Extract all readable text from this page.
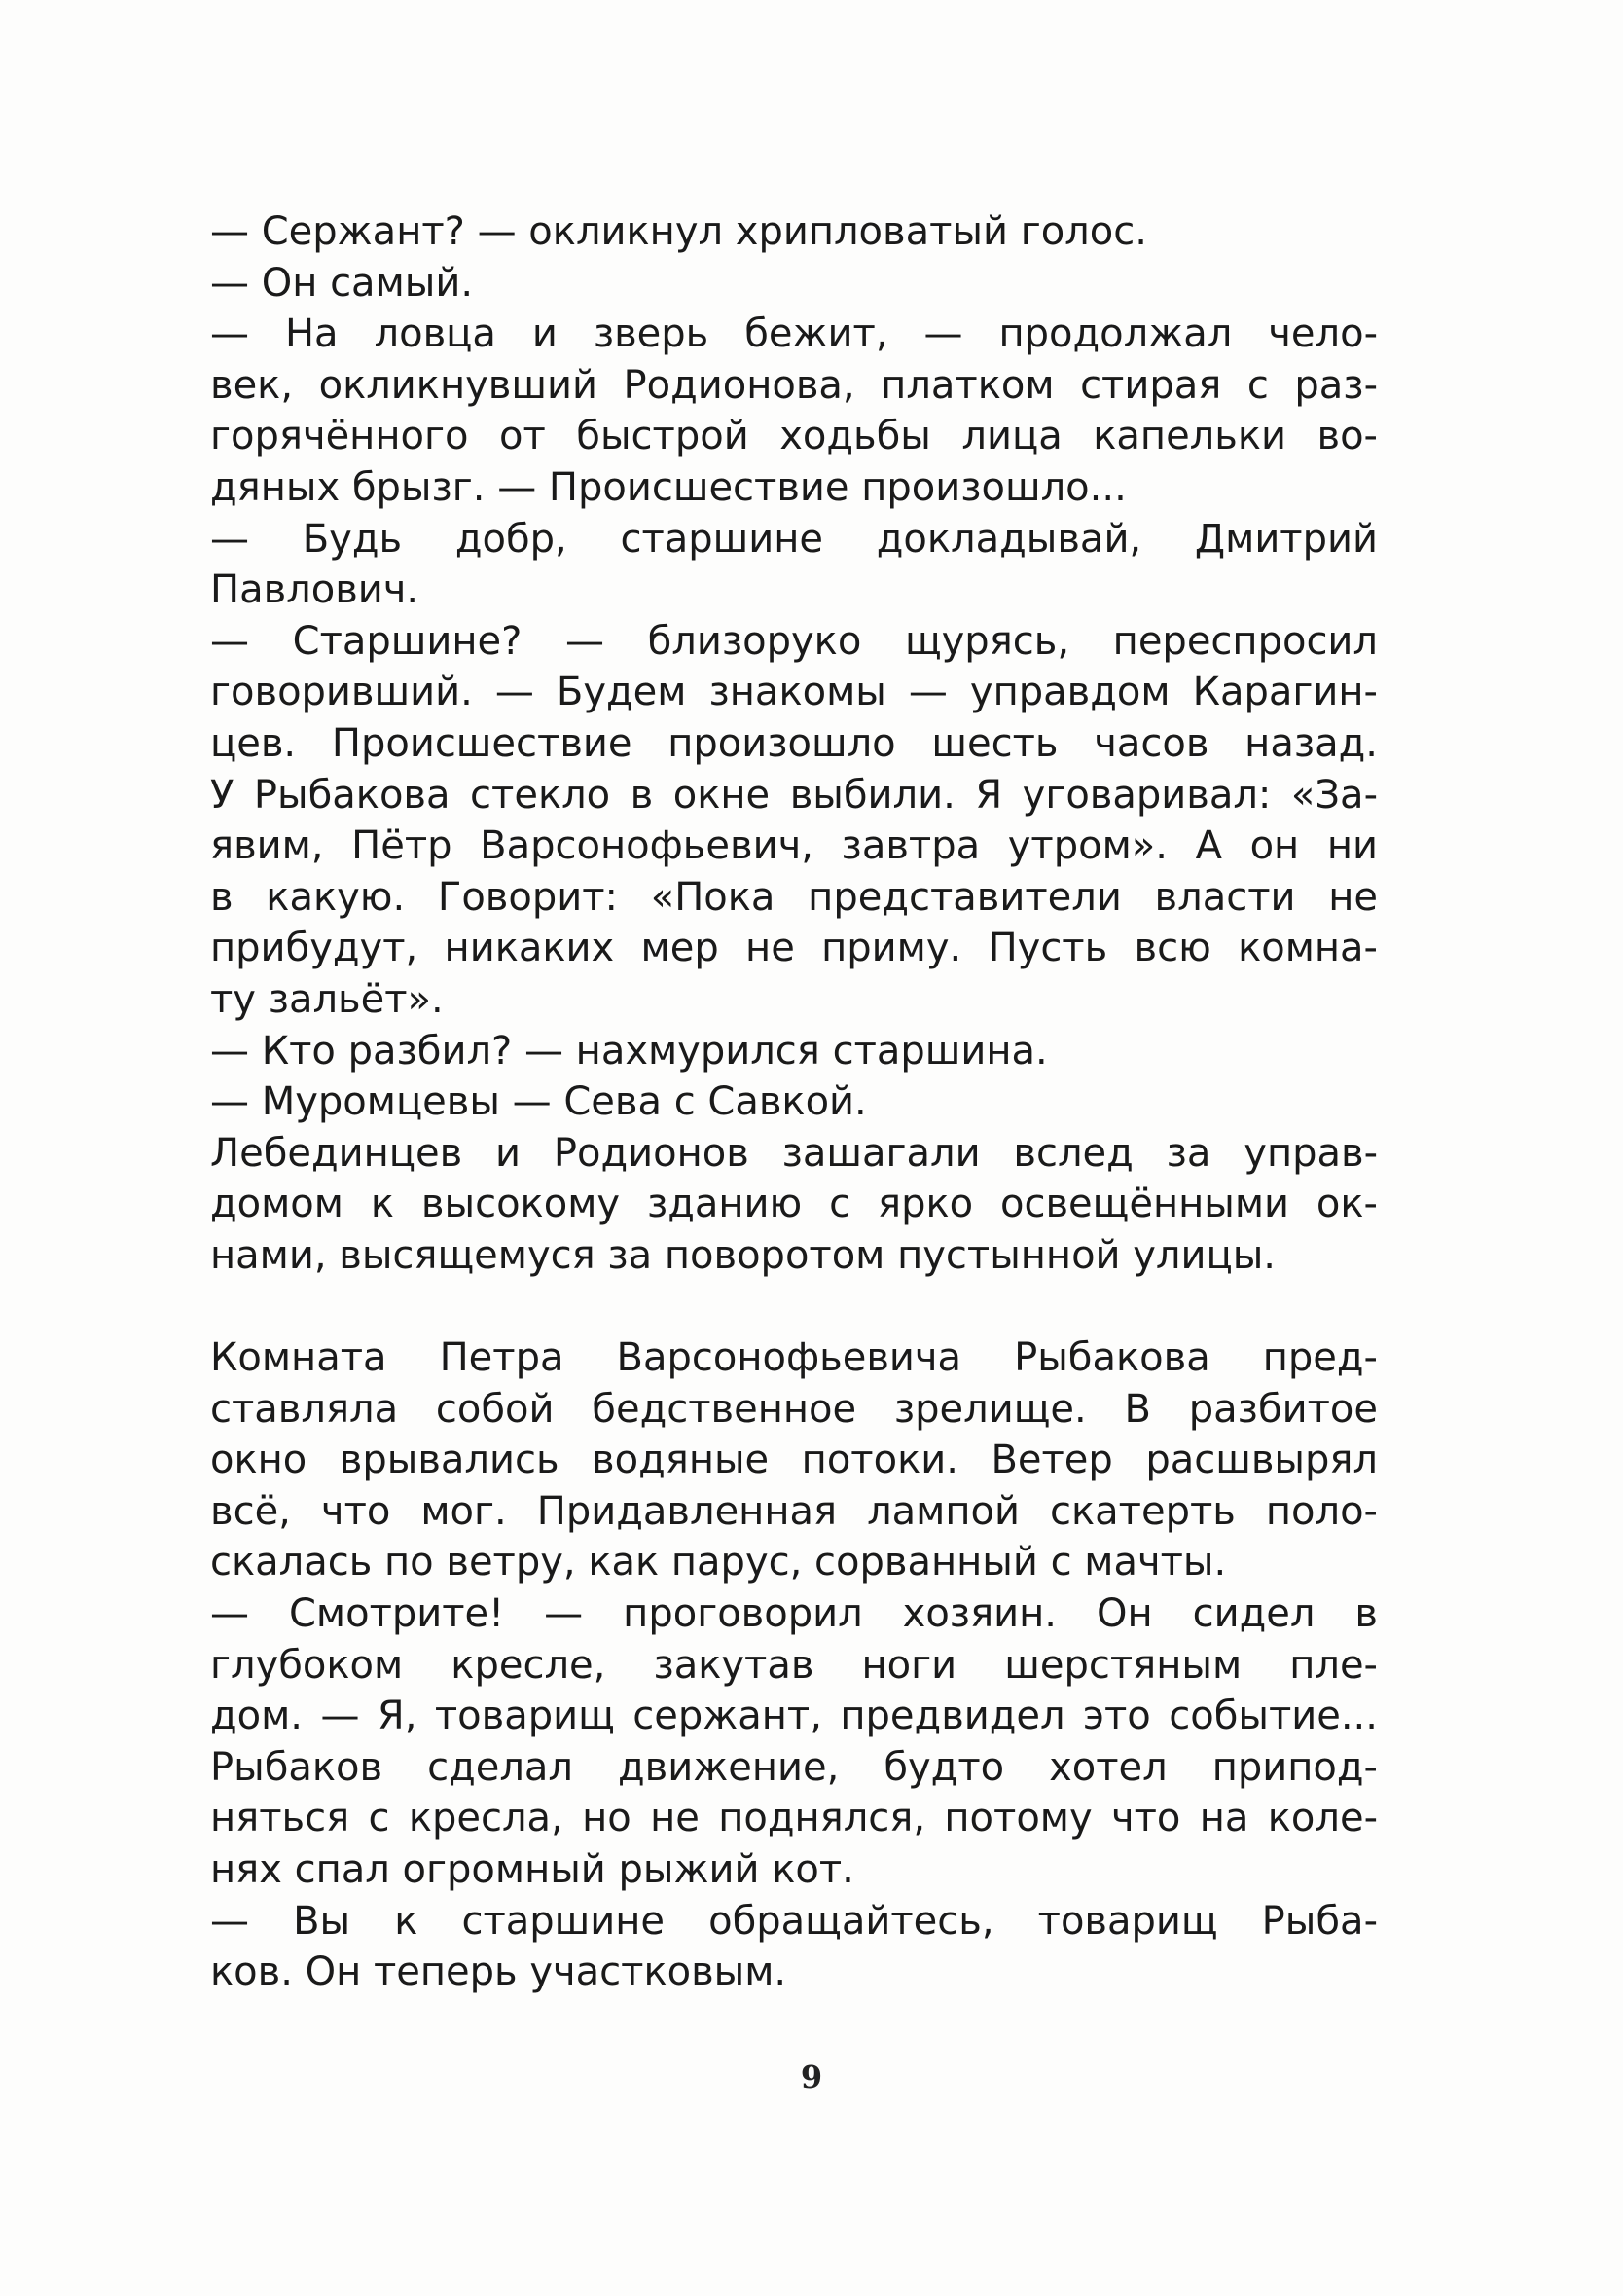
— Сержант? — окликнул хрипловатый голос.
— Он самый.
— На ловца и зверь бежит, — продолжал чело-
век, окликнувший Родионова, платком стирая с раз-
горячённого от быстрой ходьбы лица капельки во-
дяных брызг. — Происшествие произошло...
— Будь добр, старшине докладывай, Дмитрий
Павлович.
— Старшине? — близоруко щурясь, переспросил
говоривший. — Будем знакомы — управдом Карагин-
цев. Происшествие произошло шесть часов назад.
У Рыбакова стекло в окне выбили. Я уговаривал: «За-
явим, Пётр Варсонофьевич, завтра утром». А он ни
в какую. Говорит: «Пока представители власти не
прибудут, никаких мер не приму. Пусть всю комна-
ту зальёт».
— Кто разбил? — нахмурился старшина.
— Муромцевы — Сева с Савкой.
Лебединцев и Родионов зашагали вслед за управ-
домом к высокому зданию с ярко освещёнными ок-
нами, высящемуся за поворотом пустынной улицы.
Комната Петра Варсонофьевича Рыбакова пред-
ставляла собой бедственное зрелище. В разбитое
окно врывались водяные потоки. Ветер расшвырял
всё, что мог. Придавленная лампой скатерть поло-
скалась по ветру, как парус, сорванный с мачты.
— Смотрите! — проговорил хозяин. Он сидел в
глубоком кресле, закутав ноги шерстяным пле-
дом. — Я, товарищ сержант, предвидел это событие...
Рыбаков сделал движение, будто хотел припод-
няться с кресла, но не поднялся, потому что на коле-
нях спал огромный рыжий кот.
— Вы к старшине обращайтесь, товарищ Рыба-
ков. Он теперь участковым.
9
